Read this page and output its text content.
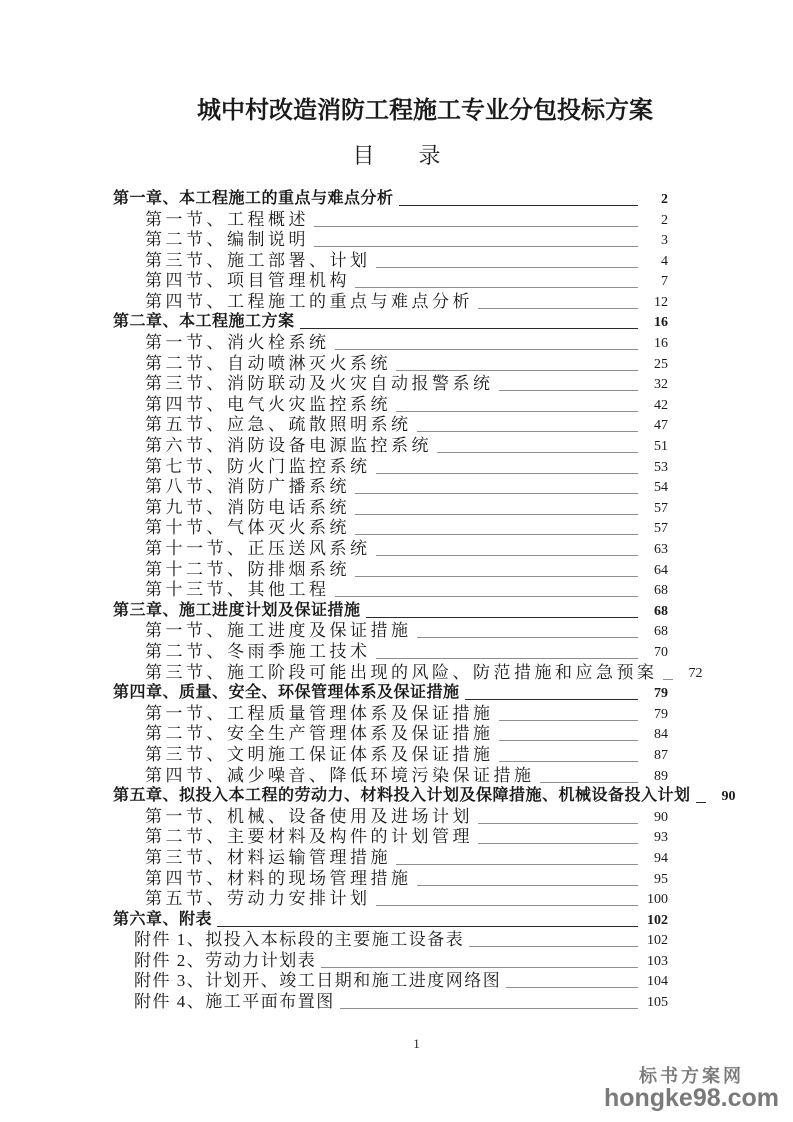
城中村改造消防工程施工专业分包投标方案
目　　录
第一章、本工程施工的重点与难点分析	2
第一节、工程概述	2
第二节、编制说明	3
第三节、施工部署、计划	4
第四节、项目管理机构	7
第四节、工程施工的重点与难点分析	12
第二章、本工程施工方案	16
第一节、消火栓系统	16
第二节、自动喷淋灭火系统	25
第三节、消防联动及火灾自动报警系统	32
第四节、电气火灾监控系统	42
第五节、应急、疏散照明系统	47
第六节、消防设备电源监控系统	51
第七节、防火门监控系统	53
第八节、消防广播系统	54
第九节、消防电话系统	57
第十节、气体灭火系统	57
第十一节、正压送风系统	63
第十二节、防排烟系统	64
第十三节、其他工程	68
第三章、施工进度计划及保证措施	68
第一节、施工进度及保证措施	68
第二节、冬雨季施工技术	70
第三节、施工阶段可能出现的风险、防范措施和应急预案	72
第四章、质量、安全、环保管理体系及保证措施	79
第一节、工程质量管理体系及保证措施	79
第二节、安全生产管理体系及保证措施	84
第三节、文明施工保证体系及保证措施	87
第四节、减少噪音、降低环境污染保证措施	89
第五章、拟投入本工程的劳动力、材料投入计划及保障措施、机械设备投入计划	90
第一节、机械、设备使用及进场计划	90
第二节、主要材料及构件的计划管理	93
第三节、材料运输管理措施	94
第四节、材料的现场管理措施	95
第五节、劳动力安排计划	100
第六章、附表	102
附件 1、拟投入本标段的主要施工设备表	102
附件 2、劳动力计划表	103
附件 3、计划开、竣工日期和施工进度网络图	104
附件 4、施工平面布置图	105
1
标书方案网
hongke98.com
